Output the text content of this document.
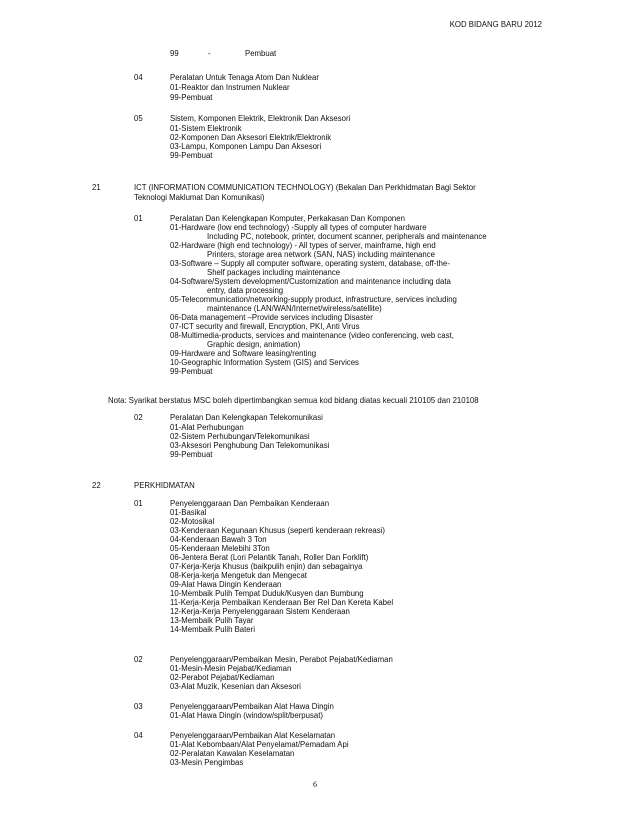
KOD BIDANG BARU 2012
99	-	Pembuat
04	Peralatan Untuk Tenaga Atom Dan Nuklear
01-Reaktor dan Instrumen Nuklear
99-Pembuat
05	Sistem, Komponen Elektrik, Elektronik Dan Aksesori
01-Sistem Elektronik
02-Komponen Dan Aksesori Elektrik/Elektronik
03-Lampu, Komponen Lampu Dan Aksesori
99-Pembuat
21	ICT (INFORMATION COMMUNICATION TECHNOLOGY) (Bekalan Dan Perkhidmatan Bagi Sektor
Teknologi Maklumat Dan Komunikasi)
01	Peralatan Dan Kelengkapan Komputer, Perkakasan Dan Komponen
01-Hardware (low end technology) -Supply all types of computer hardware
Including PC, notebook, printer, document scanner, peripherals and maintenance
02-Hardware (high end technology) - All types of server, mainframe, high end
Printers, storage area network (SAN, NAS) including maintenance
03-Software – Supply all computer software, operating system, database, off-the-
Shelf packages including maintenance
04-Software/System development/Customization and maintenance including data
entry, data processing
05-Telecommunication/networking-supply product, infrastructure, services including
maintenance (LAN/WAN/Internet/wireless/satellite)
06-Data management –Provide services including Disaster
07-ICT security and firewall, Encryption, PKI, Anti Virus
08-Multimedia-products, services and maintenance (video conferencing, web cast,
Graphic design, animation)
09-Hardware and Software leasing/renting
10-Geographic Information System (GIS) and Services
99-Pembuat
Nota: Syarikat berstatus MSC boleh dipertimbangkan semua kod bidang diatas kecuali 210105 dan 210108
02	Peralatan Dan Kelengkapan Telekomunikasi
01-Alat Perhubungan
02-Sistem Perhubungan/Telekomunikasi
03-Aksesori Penghubung Dan Telekomunikasi
99-Pembuat
22	PERKHIDMATAN
01	Penyelenggaraan Dan Pembaikan Kenderaan
01-Basikal
02-Motosikal
03-Kenderaan Kegunaan Khusus (seperti kenderaan rekreasi)
04-Kenderaan Bawah 3 Ton
05-Kenderaan Melebihi 3Ton
06-Jentera Berat (Lori Pelantik Tanah, Roller Dan Forklift)
07-Kerja-Kerja Khusus (baikpulih enjin) dan sebagainya
08-Kerja-kerja Mengetuk dan Mengecat
09-Alat Hawa Dingin Kenderaan
10-Membaik Pulih Tempat Duduk/Kusyen dan Bumbung
11-Kerja-Kerja Pembaikan Kenderaan Ber Rel Dan Kereta Kabel
12-Kerja-Kerja Penyelenggaraan Sistem Kenderaan
13-Membaik Pulih Tayar
14-Membaik Pulih Bateri
02	Penyelenggaraan/Pembaikan Mesin, Perabot Pejabat/Kediaman
01-Mesin-Mesin Pejabat/Kediaman
02-Perabot Pejabat/Kediaman
03-Alat Muzik, Kesenian dan Aksesori
03	Penyelenggaraan/Pembaikan Alat Hawa Dingin
01-Alat Hawa Dingin (window/split/berpusat)
04	Penyelenggaraan/Pembaikan Alat Keselamatan
01-Alat Kebombaan/Alat Penyelamat/Pemadam Api
02-Peralatan Kawalan Keselamatan
03-Mesin Pengimbas
6
